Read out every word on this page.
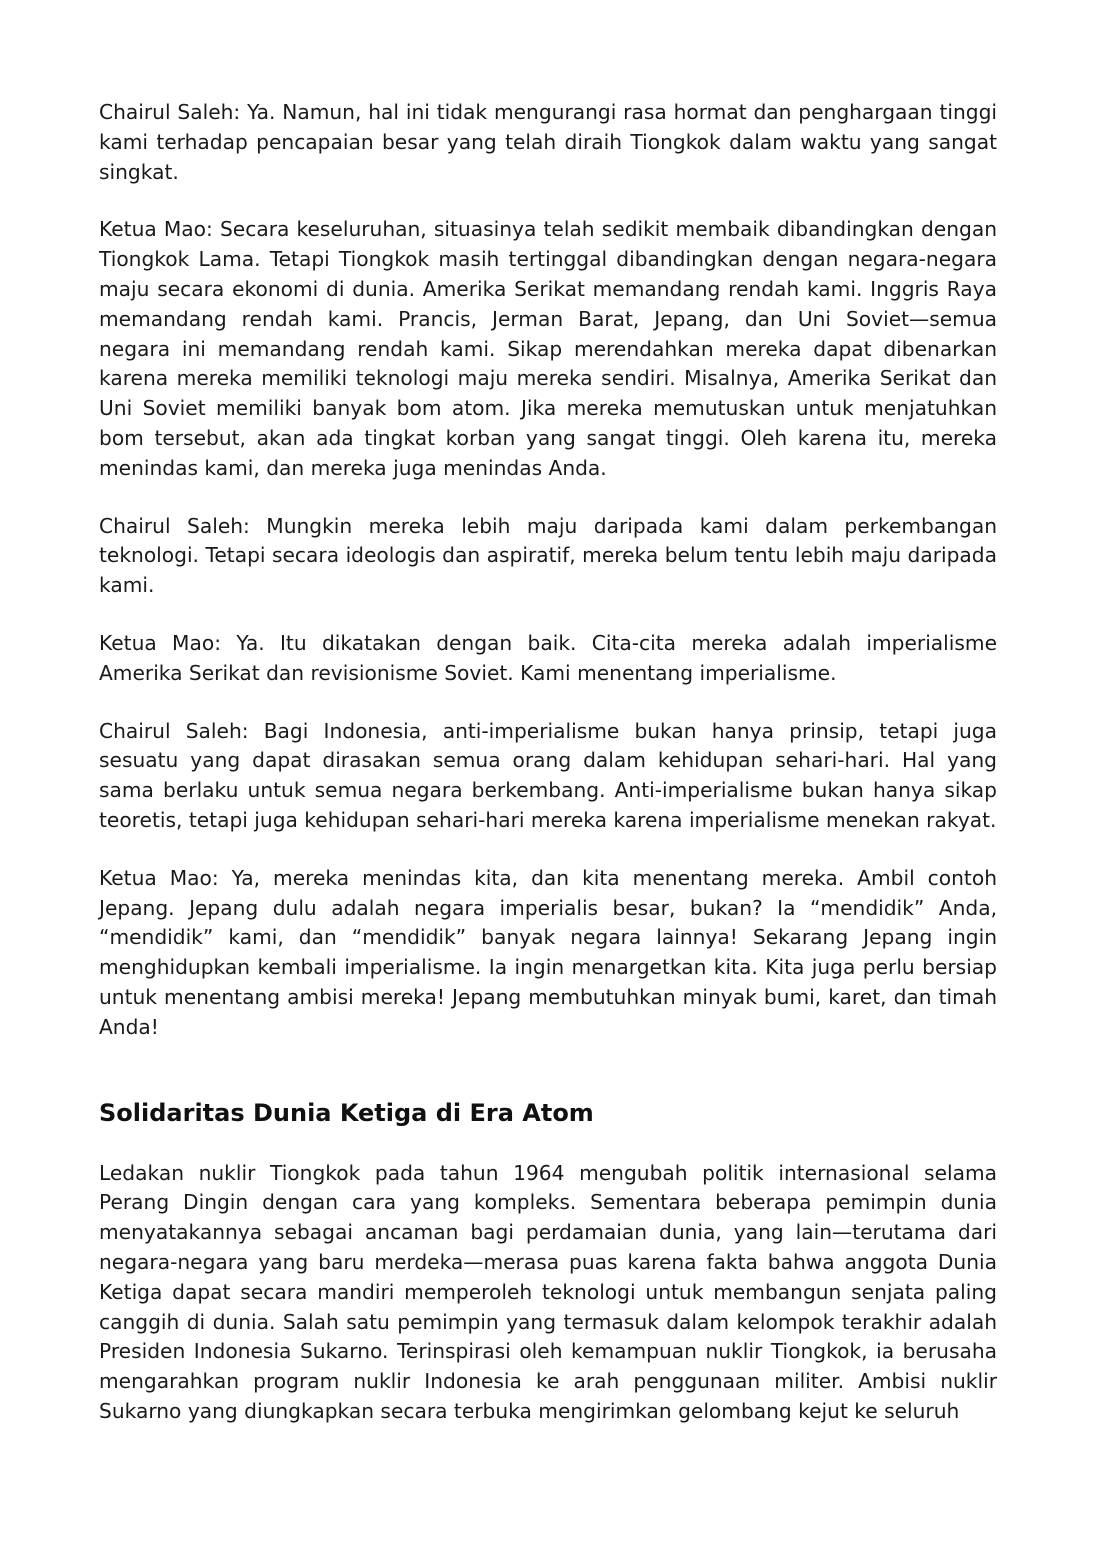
Chairul Saleh: Ya. Namun, hal ini tidak mengurangi rasa hormat dan penghargaan tinggi kami terhadap pencapaian besar yang telah diraih Tiongkok dalam waktu yang sangat singkat.

Ketua Mao: Secara keseluruhan, situasinya telah sedikit membaik dibandingkan dengan Tiongkok Lama. Tetapi Tiongkok masih tertinggal dibandingkan dengan negara-negara maju secara ekonomi di dunia. Amerika Serikat memandang rendah kami. Inggris Raya memandang rendah kami. Prancis, Jerman Barat, Jepang, dan Uni Soviet—semua negara ini memandang rendah kami. Sikap merendahkan mereka dapat dibenarkan karena mereka memiliki teknologi maju mereka sendiri. Misalnya, Amerika Serikat dan Uni Soviet memiliki banyak bom atom. Jika mereka memutuskan untuk menjatuhkan bom tersebut, akan ada tingkat korban yang sangat tinggi. Oleh karena itu, mereka menindas kami, dan mereka juga menindas Anda.

Chairul Saleh: Mungkin mereka lebih maju daripada kami dalam perkembangan teknologi. Tetapi secara ideologis dan aspiratif, mereka belum tentu lebih maju daripada kami.

Ketua Mao: Ya. Itu dikatakan dengan baik. Cita-cita mereka adalah imperialisme Amerika Serikat dan revisionisme Soviet. Kami menentang imperialisme.

Chairul Saleh: Bagi Indonesia, anti-imperialisme bukan hanya prinsip, tetapi juga sesuatu yang dapat dirasakan semua orang dalam kehidupan sehari-hari. Hal yang sama berlaku untuk semua negara berkembang. Anti-imperialisme bukan hanya sikap teoretis, tetapi juga kehidupan sehari-hari mereka karena imperialisme menekan rakyat.

Ketua Mao: Ya, mereka menindas kita, dan kita menentang mereka. Ambil contoh Jepang. Jepang dulu adalah negara imperialis besar, bukan? Ia “mendidik” Anda, “mendidik” kami, dan “mendidik” banyak negara lainnya! Sekarang Jepang ingin menghidupkan kembali imperialisme. Ia ingin menargetkan kita. Kita juga perlu bersiap untuk menentang ambisi mereka! Jepang membutuhkan minyak bumi, karet, dan timah Anda!

Solidaritas Dunia Ketiga di Era Atom

Ledakan nuklir Tiongkok pada tahun 1964 mengubah politik internasional selama Perang Dingin dengan cara yang kompleks. Sementara beberapa pemimpin dunia menyatakannya sebagai ancaman bagi perdamaian dunia, yang lain—terutama dari negara-negara yang baru merdeka—merasa puas karena fakta bahwa anggota Dunia Ketiga dapat secara mandiri memperoleh teknologi untuk membangun senjata paling canggih di dunia. Salah satu pemimpin yang termasuk dalam kelompok terakhir adalah Presiden Indonesia Sukarno. Terinspirasi oleh kemampuan nuklir Tiongkok, ia berusaha mengarahkan program nuklir Indonesia ke arah penggunaan militer. Ambisi nuklir Sukarno yang diungkapkan secara terbuka mengirimkan gelombang kejut ke seluruh
